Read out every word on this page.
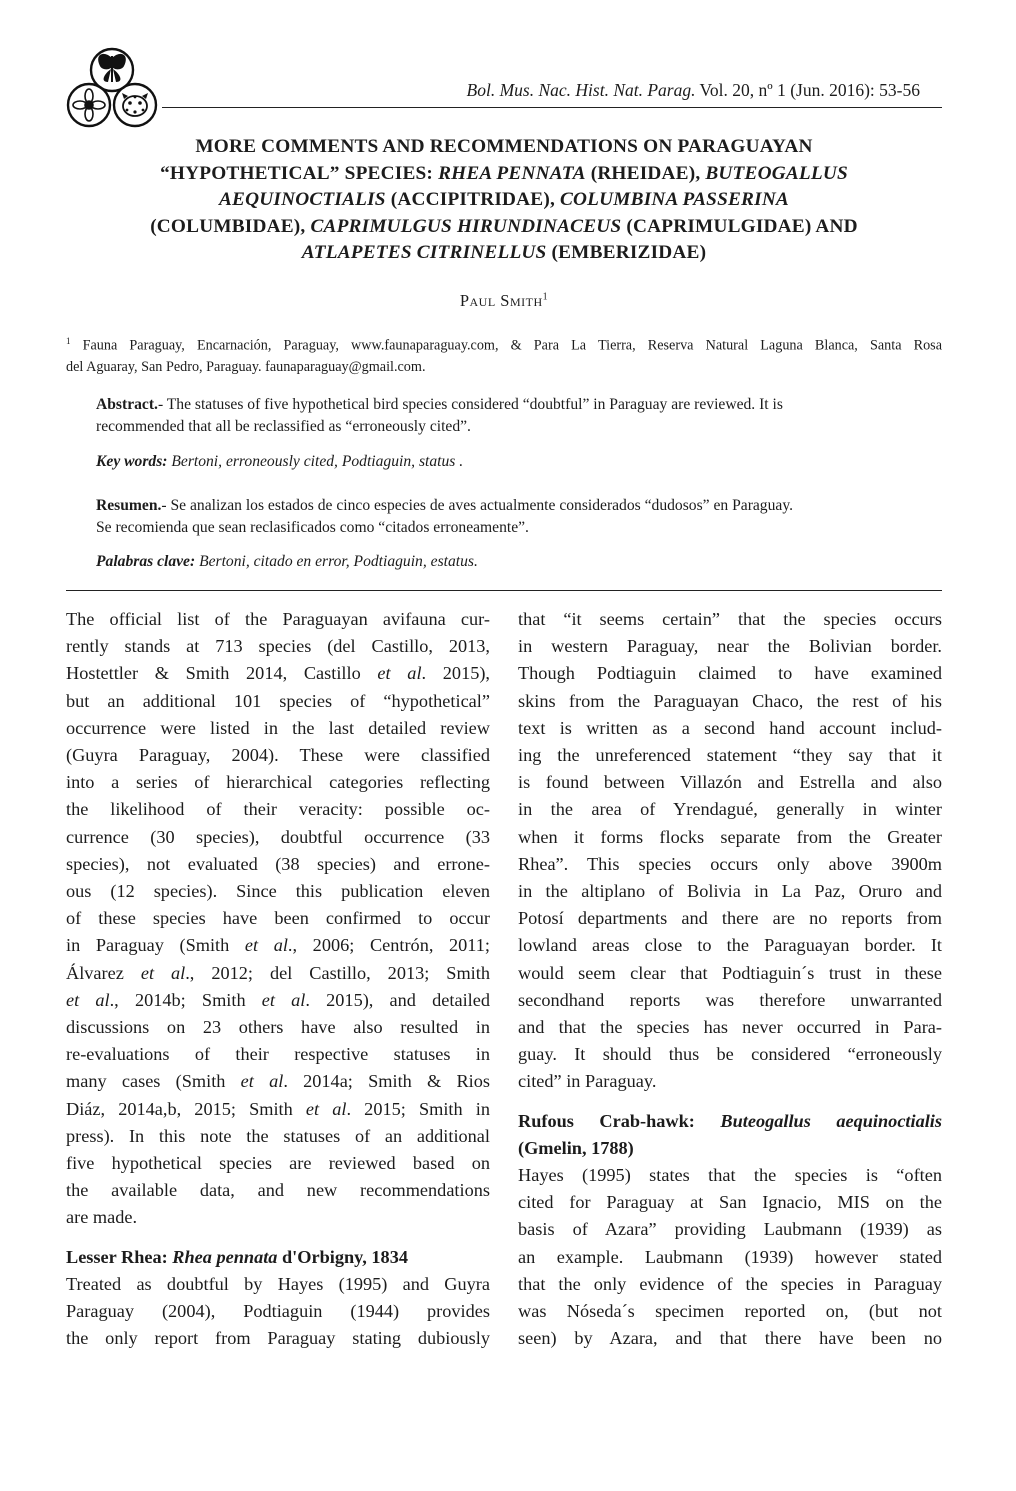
Bol. Mus. Nac. Hist. Nat. Parag. Vol. 20, nº 1 (Jun. 2016): 53-56
MORE COMMENTS AND RECOMMENDATIONS ON PARAGUAYAN
“HYPOTHETICAL” SPECIES: RHEA PENNATA (RHEIDAE), BUTEOGALLUS
AEQUINOCTIALIS (ACCIPITRIDAE), COLUMBINA PASSERINA
(COLUMBIDAE), CAPRIMULGUS HIRUNDINACEUS (CAPRIMULGIDAE) AND
ATLAPETES CITRINELLUS (EMBERIZIDAE)
Paul Smith$^1$
$^1$ Fauna Paraguay, Encarnación, Paraguay, www.faunaparaguay.com, & Para La Tierra, Reserva Natural Laguna Blanca, Santa Rosa
del Aguaray, San Pedro, Paraguay. faunaparaguay@gmail.com.
Abstract.- The statuses of five hypothetical bird species considered “doubtful” in Paraguay are reviewed. It is
recommended that all be reclassified as “erroneously cited”.
Key words: Bertoni, erroneously cited, Podtiaguin, status .
Resumen.- Se analizan los estados de cinco especies de aves actualmente considerados “dudosos” en Paraguay.
Se recomienda que sean reclasificados como “citados erroneamente”.
Palabras clave: Bertoni, citado en error, Podtiaguin, estatus.
The official list of the Paraguayan avifauna cur-
rently stands at 713 species (del Castillo, 2013,
Hostettler & Smith 2014, Castillo et al. 2015),
but an additional 101 species of “hypothetical”
occurrence were listed in the last detailed review
(Guyra Paraguay, 2004). These were classified
into a series of hierarchical categories reflecting
the likelihood of their veracity: possible oc-
currence (30 species), doubtful occurrence (33
species), not evaluated (38 species) and errone-
ous (12 species). Since this publication eleven
of these species have been confirmed to occur
in Paraguay (Smith et al., 2006; Centrón, 2011;
Álvarez et al., 2012; del Castillo, 2013; Smith
et al., 2014b; Smith et al. 2015), and detailed
discussions on 23 others have also resulted in
re-evaluations of their respective statuses in
many cases (Smith et al. 2014a; Smith & Rios
Diáz, 2014a,b, 2015; Smith et al. 2015; Smith in
press). In this note the statuses of an additional
five hypothetical species are reviewed based on
the available data, and new recommendations
are made.
Lesser Rhea: Rhea pennata d'Orbigny, 1834
Treated as doubtful by Hayes (1995) and Guyra
Paraguay (2004), Podtiaguin (1944) provides
the only report from Paraguay stating dubiously
that “it seems certain” that the species occurs
in western Paraguay, near the Bolivian border.
Though Podtiaguin claimed to have examined
skins from the Paraguayan Chaco, the rest of his
text is written as a second hand account includ-
ing the unreferenced statement “they say that it
is found between Villazón and Estrella and also
in the area of Yrendagué, generally in winter
when it forms flocks separate from the Greater
Rhea”. This species occurs only above 3900m
in the altiplano of Bolivia in La Paz, Oruro and
Potosí departments and there are no reports from
lowland areas close to the Paraguayan border. It
would seem clear that Podtiaguin´s trust in these
secondhand reports was therefore unwarranted
and that the species has never occurred in Para-
guay. It should thus be considered “erroneously
cited” in Paraguay.
Rufous Crab-hawk: Buteogallus aequinoctialis
(Gmelin, 1788)
Hayes (1995) states that the species is “often
cited for Paraguay at San Ignacio, MIS on the
basis of Azara” providing Laubmann (1939) as
an example. Laubmann (1939) however stated
that the only evidence of the species in Paraguay
was Nóseda´s specimen reported on, (but not
seen) by Azara, and that there have been no
